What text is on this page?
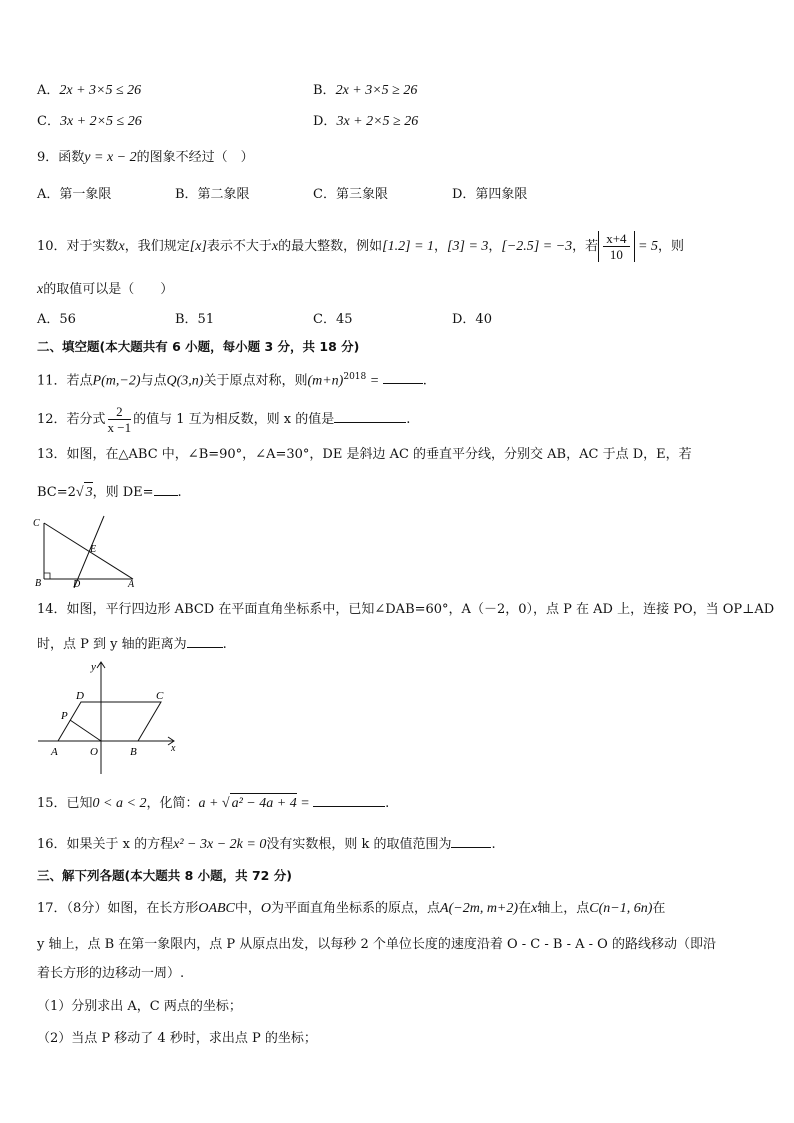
A．2x + 3×5 ≤ 26	B．2x + 3×5 ≥ 26
C．3x + 2×5 ≤ 26	D．3x + 2×5 ≥ 26
9．函数y = x − 2的图象不经过（　）
A．第一象限	B．第二象限	C．第三象限	D．第四象限
10．对于实数x，我们规定[x]表示不大于x的最大整数，例如[1.2] = 1，[3] = 3，[−2.5] = −3，若 $\frac{x+4}{10} = 5$，则
x的取值可以是（　　）
A．56	B．51	C．45	D．40
二、填空题(本大题共有 6 小题，每小题 3 分，共 18 分)
11．若点P(m,−2)与点Q(3,n)关于原点对称，则$(m+n)^{2018}$ =	.
12．若分式 $\frac{2}{x -1}$ 的值与 1 互为相反数，则 x 的值是	.
13．如图，在△ABC 中，∠B=90°，∠A=30°，DE 是斜边 AC 的垂直平分线，分别交 AB，AC 于点 D，E，若
BC=2√ 3，则 DE= .
C
E
B	D	A
14．如图，平行四边形 ABCD 在平面直角坐标系中，已知∠DAB=60°，A（－2，0），点 P 在 AD 上，连接 PO，当 OP⊥AD
时，点 P 到 y 轴的距离为	.
y
D	C
P
A	O	B	x
15．已知0 < a < 2，化简：a + √ a² − 4a + 4 =	.
16．如果关于 x 的方程x² − 3x − 2k = 0没有实数根，则 k 的取值范围为	.
三、解下列各题(本大题共 8 小题，共 72 分)
17．（8分）如图，在长方形OABC中，O为平面直角坐标系的原点，点A(−2m, m+2)在x轴上，点C(n−1, 6n)在
y 轴上，点 B 在第一象限内，点 P 从原点出发，以每秒 2 个单位长度的速度沿着 O - C - B - A - O 的路线移动（即沿
着长方形的边移动一周）.
（1）分别求出 A，C 两点的坐标；
（2）当点 P 移动了 4 秒时，求出点 P 的坐标；
